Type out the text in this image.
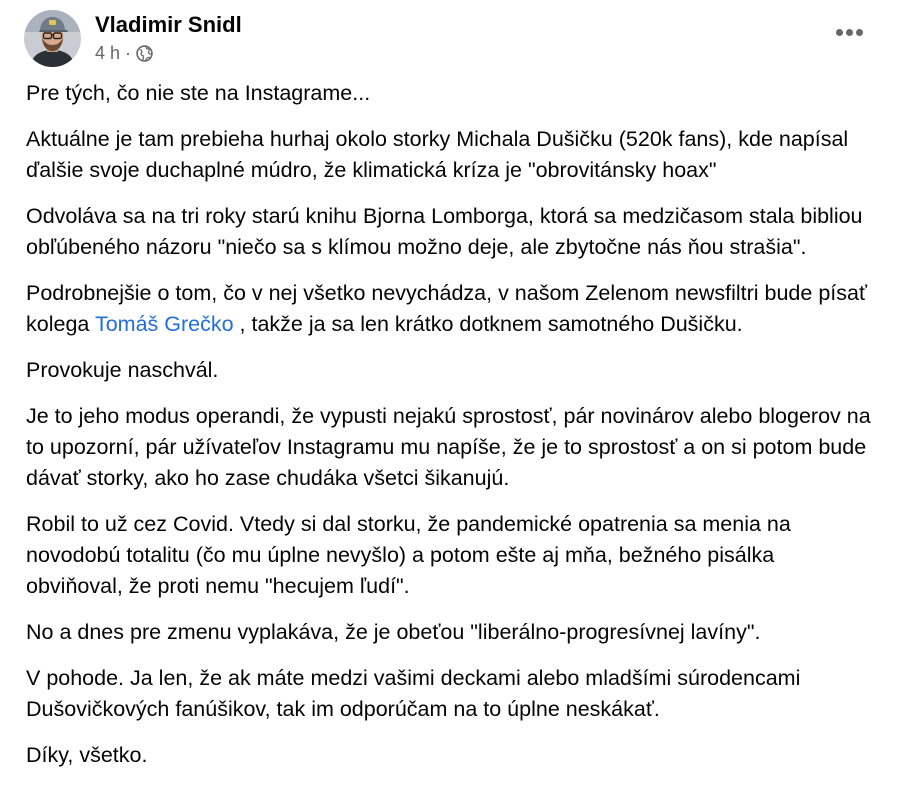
Vladimir Snidl
4 h ·

Pre tých, čo nie ste na Instagrame...

Aktuálne je tam prebieha hurhaj okolo storky Michala Dušičku (520k fans), kde napísal ďalšie svoje duchaplné múdro, že klimatická kríza je "obrovitánsky hoax"

Odvoláva sa na tri roky starú knihu Bjorna Lomborga, ktorá sa medzičasom stala bibliou obľúbeného názoru "niečo sa s klímou možno deje, ale zbytočne nás ňou strašia".

Podrobnejšie o tom, čo v nej všetko nevychádza, v našom Zelenom newsfiltri bude písať kolega Tomáš Grečko , takže ja sa len krátko dotknem samotného Dušičku.

Provokuje naschvál.

Je to jeho modus operandi, že vypusti nejakú sprostosť, pár novinárov alebo blogerov na to upozorní, pár užívateľov Instagramu mu napíše, že je to sprostosť a on si potom bude dávať storky, ako ho zase chudáka všetci šikanujú.

Robil to už cez Covid. Vtedy si dal storku, že pandemické opatrenia sa menia na novodobú totalitu (čo mu úplne nevyšlo) a potom ešte aj mňa, bežného pisálka obviňoval, že proti nemu "hecujem ľudí".

No a dnes pre zmenu vyplakáva, že je obeťou "liberálno-progresívnej lavíny".

V pohode. Ja len, že ak máte medzi vašimi deckami alebo mladšími súrodencami Dušovičkových fanúšikov, tak im odporúčam na to úplne neskákať.

Díky, všetko.
